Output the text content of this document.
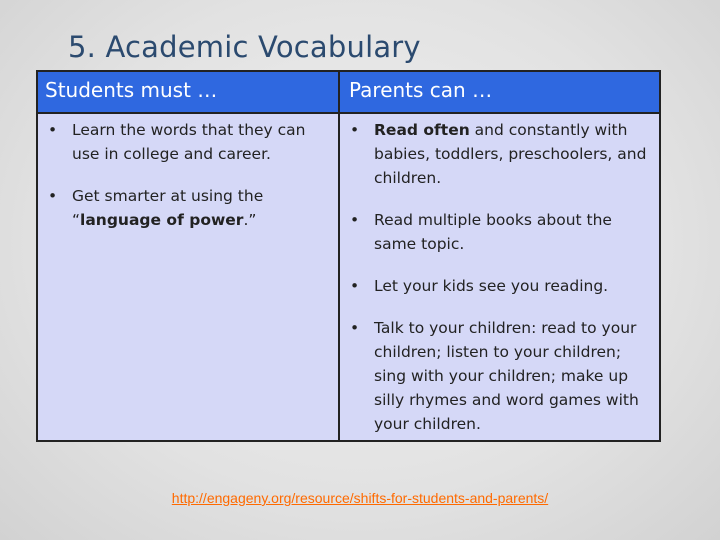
5. Academic Vocabulary
Students must …	Parents can …
• Learn the words that they can use in college and career.
• Get smarter at using the “language of power.”
• Read often and constantly with babies, toddlers, preschoolers, and children.
• Read multiple books about the same topic.
• Let your kids see you reading.
• Talk to your children: read to your children; listen to your children; sing with your children; make up silly rhymes and word games with your children.
http://engageny.org/resource/shifts-for-students-and-parents/
